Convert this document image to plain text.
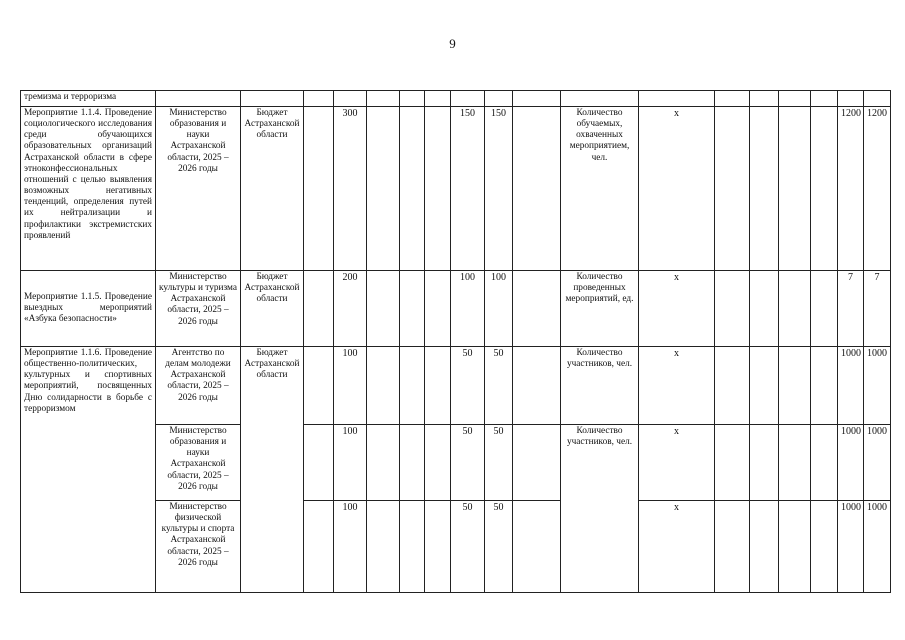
9
тремизма и терроризма																		
Мероприятие 1.1.4. Проведение социологического исследования среди обучающихся образовательных организаций Астраханской области в сфере этноконфессиональных отношений с целью выявления возможных негативных тенденций, определения путей их нейтрализации и профилактики экстремистских проявлений	Министерство образования и науки Астраханской области, 2025 – 2026 годы	Бюджет Астраханской области		300				150	150		Количество обучаемых, охваченных мероприятием, чел.	х					1200	1200
Мероприятие 1.1.5. Проведение выездных мероприятий «Азбука безопасности»	Министерство культуры и туризма Астраханской области, 2025 – 2026 годы	Бюджет Астраханской области		200				100	100		Количество проведенных мероприятий, ед.	х					7	7
Мероприятие 1.1.6. Проведение общественно-политических, культурных и спортивных мероприятий, посвященных Дню солидарности в борьбе с терроризмом	Агентство по делам молодежи Астраханской области, 2025 – 2026 годы	Бюджет Астраханской области		100				50	50		Количество участников, чел.	х					1000	1000
	Министерство образования и науки Астраханской области, 2025 – 2026 годы			100				50	50		Количество участников, чел.	х					1000	1000
	Министерство физической культуры и спорта Астраханской области, 2025 – 2026 годы			100				50	50			х					1000	1000
